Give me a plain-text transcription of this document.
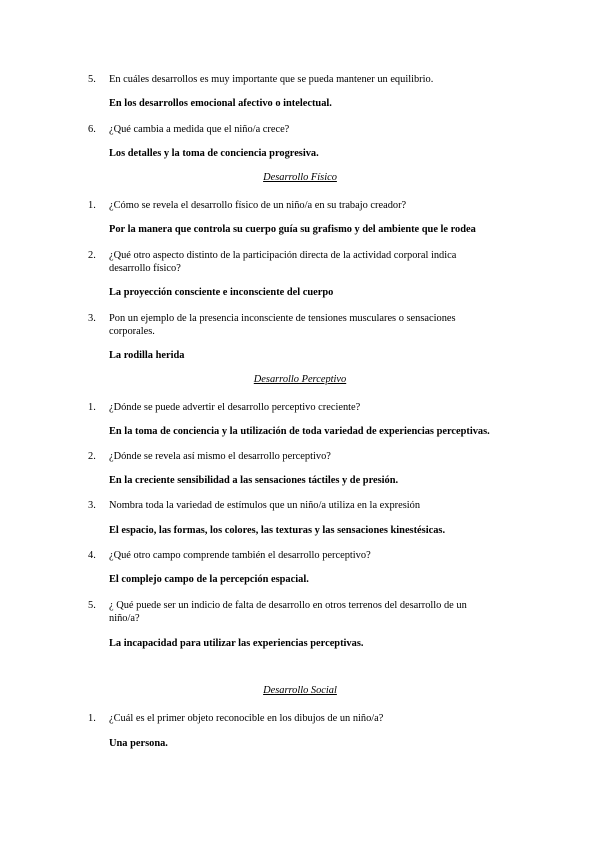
5.	En cuáles desarrollos es muy importante que se pueda mantener un equilibrio.
En los desarrollos emocional afectivo o intelectual.
6.	¿Qué cambia a medida que el niño/a crece?
Los detalles y la toma de conciencia progresiva.
Desarrollo Físico
1.	¿Cómo se revela el desarrollo físico de un niño/a en su trabajo creador?
Por la manera que controla su cuerpo guía su grafismo y del ambiente que le rodea
2.	¿Qué otro aspecto distinto de la participación directa de la actividad corporal indica desarrollo físico?
La proyección consciente e inconsciente del cuerpo
3.	Pon un ejemplo de la presencia inconsciente de tensiones musculares o sensaciones corporales.
La rodilla herida
Desarrollo Perceptivo
1.	¿Dónde se puede advertir el desarrollo perceptivo creciente?
En la toma de conciencia y la utilización de toda variedad de experiencias perceptivas.
2.	¿Dónde se revela así mismo el desarrollo perceptivo?
En la creciente sensibilidad a las sensaciones táctiles y de presión.
3.	Nombra toda la variedad de estímulos que un niño/a utiliza en la expresión
El espacio, las formas, los colores, las texturas y las sensaciones kinestésicas.
4.	¿Qué otro campo comprende también el desarrollo perceptivo?
El complejo campo de la percepción espacial.
5.	¿ Qué puede ser un indicio de falta de desarrollo en otros terrenos del desarrollo de un niño/a?
La incapacidad para utilizar las experiencias perceptivas.
Desarrollo Social
1.	¿Cuál es el primer objeto reconocible en los dibujos de un niño/a?
Una persona.
